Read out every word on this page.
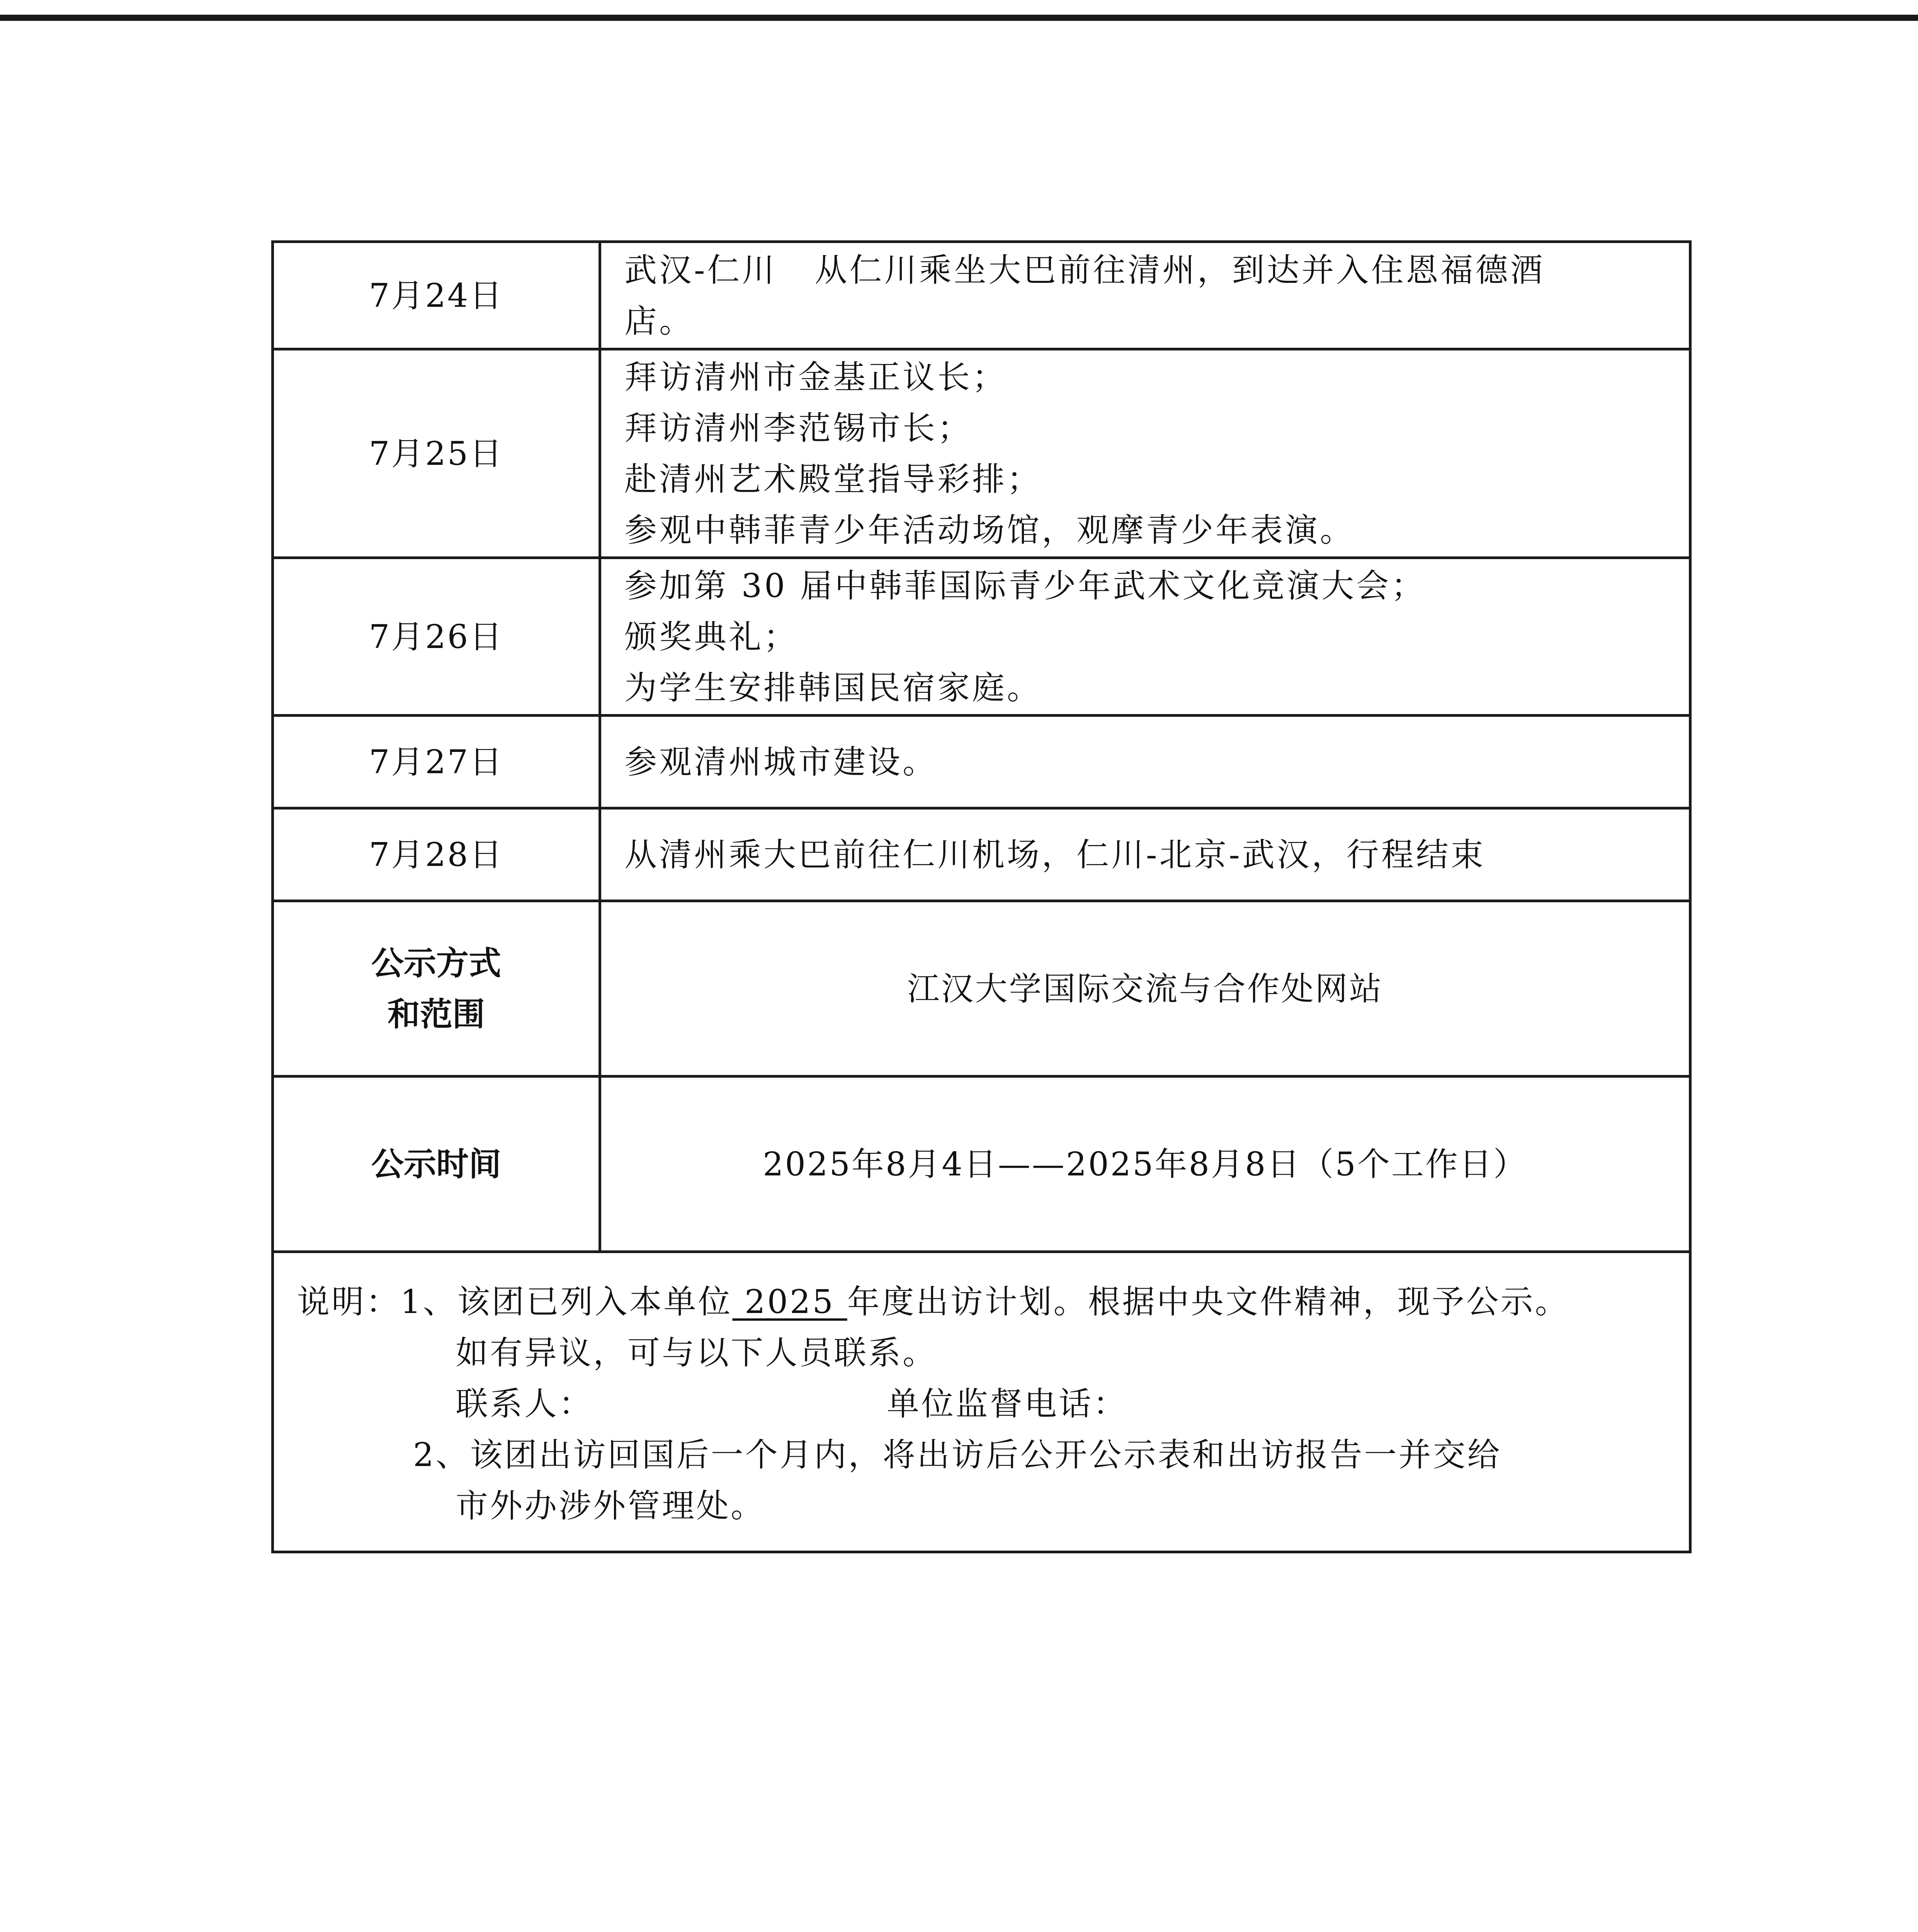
7月24日	武汉-仁川   从仁川乘坐大巴前往清州，到达并入住恩福德酒
店。

7月25日	拜访清州市金基正议长；
拜访清州李范锡市长；
赴清州艺术殿堂指导彩排；
参观中韩菲青少年活动场馆，观摩青少年表演。

7月26日	参加第 30 届中韩菲国际青少年武术文化竞演大会；
颁奖典礼；
为学生安排韩国民宿家庭。

7月27日	参观清州城市建设。

7月28日	从清州乘大巴前往仁川机场，仁川-北京-武汉，行程结束

公示方式
和范围	江汉大学国际交流与合作处网站
公示时间	2025年8月4日——2025年8月8日（5个工作日）

说明：1、该团已列入本单位 2025 年度出访计划。根据中央文件精神，现予公示。
如有异议，可与以下人员联系。
联系人： 单位监督电话：
2、该团出访回国后一个月内，将出访后公开公示表和出访报告一并交给
市外办涉外管理处。	
